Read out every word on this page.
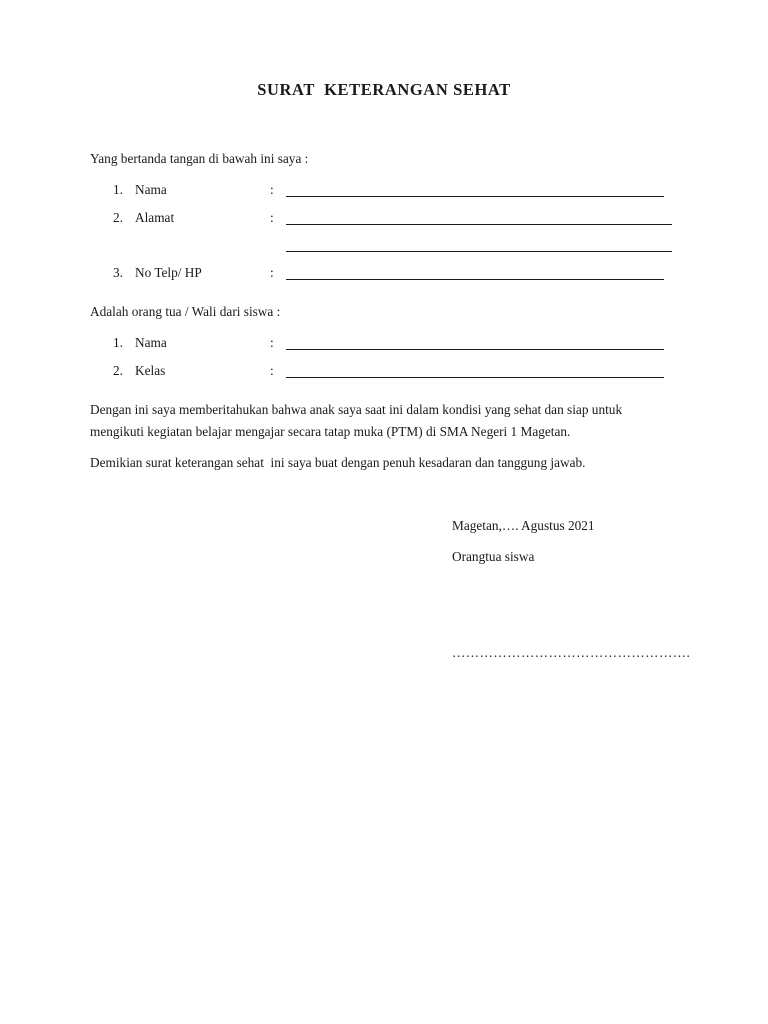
SURAT  KETERANGAN SEHAT
Yang bertanda tangan di bawah ini saya :
1. Nama	:
2. Alamat	:
3. No Telp/ HP	:
Adalah orang tua / Wali dari siswa :
1. Nama	:
2. Kelas	:
Dengan ini saya memberitahukan bahwa anak saya saat ini dalam kondisi yang sehat dan siap untuk mengikuti kegiatan belajar mengajar secara tatap muka (PTM) di SMA Negeri 1 Magetan.
Demikian surat keterangan sehat  ini saya buat dengan penuh kesadaran dan tanggung jawab.
Magetan,…. Agustus 2021
Orangtua siswa
…………………………………………….
